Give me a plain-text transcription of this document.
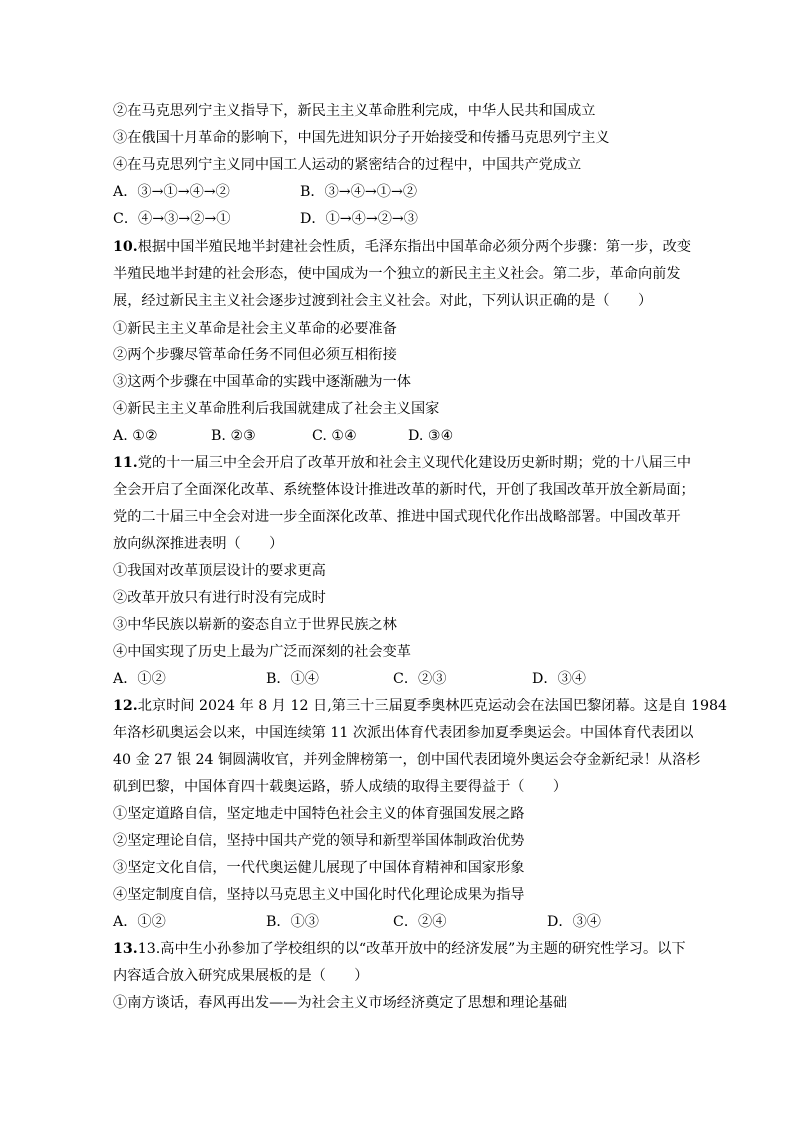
②在马克思列宁主义指导下，新民主主义革命胜利完成，中华人民共和国成立
③在俄国十月革命的影响下，中国先进知识分子开始接受和传播马克思列宁主义
④在马克思列宁主义同中国工人运动的紧密结合的过程中，中国共产党成立
A．③→①→④→②	B．③→④→①→②
C．④→③→②→①	D．①→④→②→③
10.根据中国半殖民地半封建社会性质，毛泽东指出中国革命必须分两个步骤：第一步，改变
半殖民地半封建的社会形态，使中国成为一个独立的新民主主义社会。第二步，革命向前发
展，经过新民主主义社会逐步过渡到社会主义社会。对此，下列认识正确的是（　　）
①新民主主义革命是社会主义革命的必要准备
②两个步骤尽管革命任务不同但必须互相衔接
③这两个步骤在中国革命的实践中逐渐融为一体
④新民主主义革命胜利后我国就建成了社会主义国家
A. ①②	B. ②③	C. ①④	D. ③④
11.党的十一届三中全会开启了改革开放和社会主义现代化建设历史新时期；党的十八届三中
全会开启了全面深化改革、系统整体设计推进改革的新时代，开创了我国改革开放全新局面；
党的二十届三中全会对进一步全面深化改革、推进中国式现代化作出战略部署。中国改革开
放向纵深推进表明（　　）
①我国对改革顶层设计的要求更高
②改革开放只有进行时没有完成时
③中华民族以崭新的姿态自立于世界民族之林
④中国实现了历史上最为广泛而深刻的社会变革
A．①②	B．①④	C．②③	D．③④
12.北京时间 2024 年 8 月 12 日,第三十三届夏季奥林匹克运动会在法国巴黎闭幕。这是自 1984
年洛杉矶奥运会以来，中国连续第 11 次派出体育代表团参加夏季奥运会。中国体育代表团以
40 金 27 银 24 铜圆满收官，并列金牌榜第一，创中国代表团境外奥运会夺金新纪录！从洛杉
矶到巴黎，中国体育四十载奥运路，骄人成绩的取得主要得益于（　　）
①坚定道路自信，坚定地走中国特色社会主义的体育强国发展之路
②坚定理论自信，坚持中国共产党的领导和新型举国体制政治优势
③坚定文化自信，一代代奥运健儿展现了中国体育精神和国家形象
④坚定制度自信，坚持以马克思主义中国化时代化理论成果为指导
A．①②	B．①③	C．②④	D．③④
13.13.高中生小孙参加了学校组织的以“改革开放中的经济发展”为主题的研究性学习。以下
内容适合放入研究成果展板的是（　　）
①南方谈话，春风再出发——为社会主义市场经济奠定了思想和理论基础
